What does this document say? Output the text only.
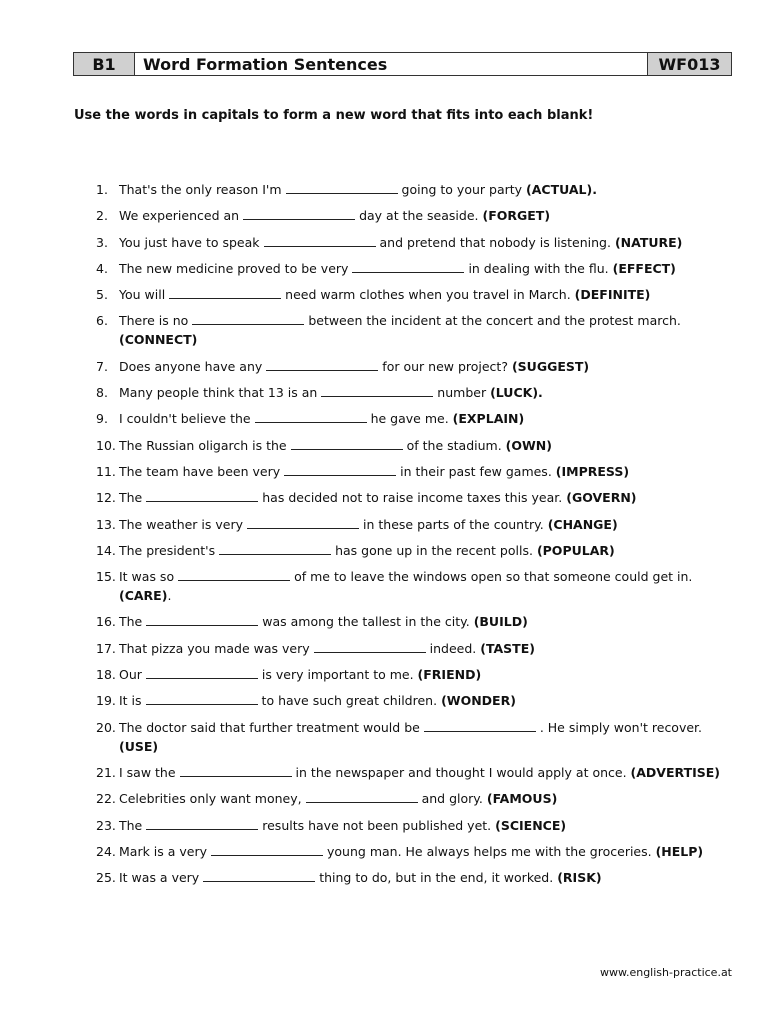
B1	Word Formation Sentences	WF013
Use the words in capitals to form a new word that fits into each blank!
1. That's the only reason I'm	going to your party (ACTUAL).
2. We experienced an	day at the seaside. (FORGET)
3. You just have to speak	and pretend that nobody is listening. (NATURE)
4. The new medicine proved to be very	in dealing with the flu. (EFFECT)
5. You will	need warm clothes when you travel in March. (DEFINITE)
6. There is no	between the incident at the concert and the protest march. (CONNECT)
7. Does anyone have any	for our new project? (SUGGEST)
8. Many people think that 13 is an	number (LUCK).
9. I couldn't believe the	he gave me. (EXPLAIN)
10. The Russian oligarch is the	of the stadium. (OWN)
11. The team have been very	in their past few games. (IMPRESS)
12. The	has decided not to raise income taxes this year. (GOVERN)
13. The weather is very	in these parts of the country. (CHANGE)
14. The president's	has gone up in the recent polls. (POPULAR)
15. It was so	of me to leave the windows open so that someone could get in. (CARE).
16. The	was among the tallest in the city. (BUILD)
17. That pizza you made was very	indeed. (TASTE)
18. Our	is very important to me. (FRIEND)
19. It is	to have such great children. (WONDER)
20. The doctor said that further treatment would be	. He simply won't recover. (USE)
21. I saw the	in the newspaper and thought I would apply at once. (ADVERTISE)
22. Celebrities only want money,	and glory. (FAMOUS)
23. The	results have not been published yet. (SCIENCE)
24. Mark is a very	young man. He always helps me with the groceries. (HELP)
25. It was a very	thing to do, but in the end, it worked. (RISK)
www.english-practice.at
